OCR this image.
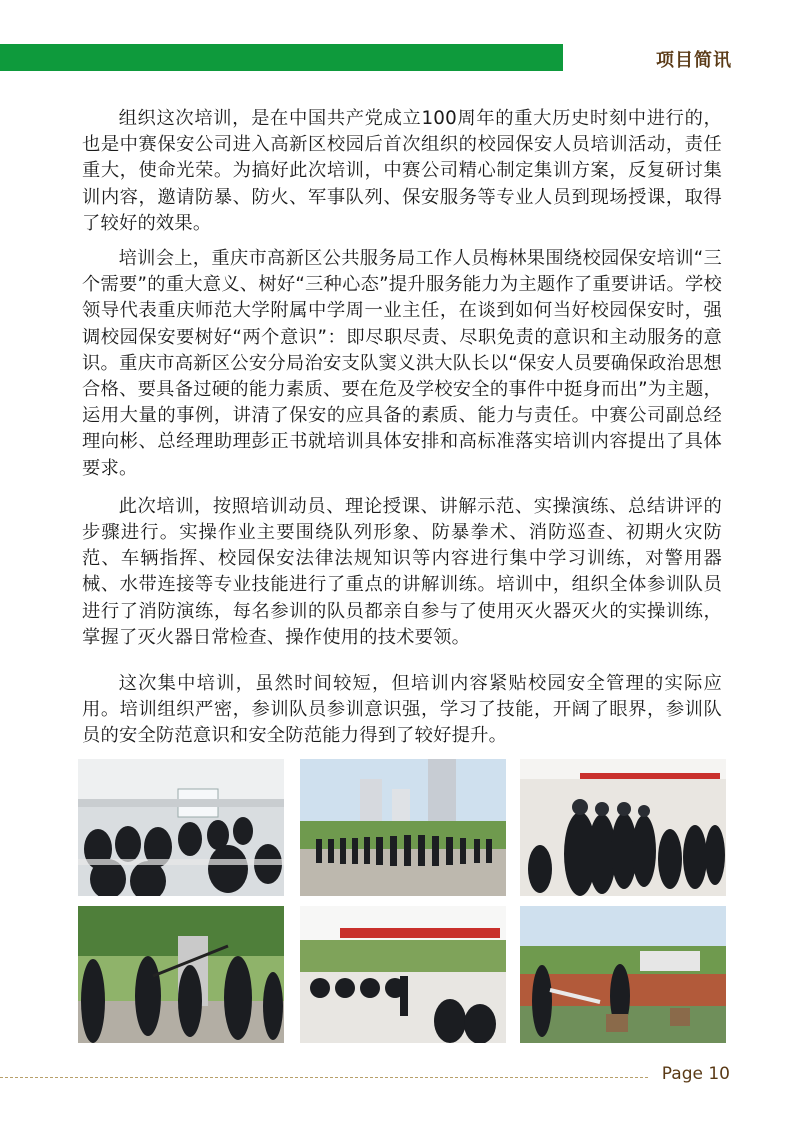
项目简讯

组织这次培训，是在中国共产党成立100周年的重大历史时刻中进行的，也是中赛保安公司进入高新区校园后首次组织的校园保安人员培训活动，责任重大，使命光荣。为搞好此次培训，中赛公司精心制定集训方案，反复研讨集训内容，邀请防暴、防火、军事队列、保安服务等专业人员到现场授课，取得了较好的效果。

培训会上，重庆市高新区公共服务局工作人员梅林果围绕校园保安培训“三个需要”的重大意义、树好“三种心态”提升服务能力为主题作了重要讲话。学校领导代表重庆师范大学附属中学周一业主任，在谈到如何当好校园保安时，强调校园保安要树好“两个意识”：即尽职尽责、尽职免责的意识和主动服务的意识。重庆市高新区公安分局治安支队窦义洪大队长以“保安人员要确保政治思想合格、要具备过硬的能力素质、要在危及学校安全的事件中挺身而出”为主题，运用大量的事例，讲清了保安的应具备的素质、能力与责任。中赛公司副总经理向彬、总经理助理彭正书就培训具体安排和高标准落实培训内容提出了具体要求。

此次培训，按照培训动员、理论授课、讲解示范、实操演练、总结讲评的步骤进行。实操作业主要围绕队列形象、防暴拳术、消防巡查、初期火灾防范、车辆指挥、校园保安法律法规知识等内容进行集中学习训练，对警用器械、水带连接等专业技能进行了重点的讲解训练。培训中，组织全体参训队员进行了消防演练，每名参训的队员都亲自参与了使用灭火器灭火的实操训练，掌握了灭火器日常检查、操作使用的技术要领。

这次集中培训，虽然时间较短，但培训内容紧贴校园安全管理的实际应用。培训组织严密，参训队员参训意识强，学习了技能，开阔了眼界，参训队员的安全防范意识和安全防范能力得到了较好提升。

Page 10
